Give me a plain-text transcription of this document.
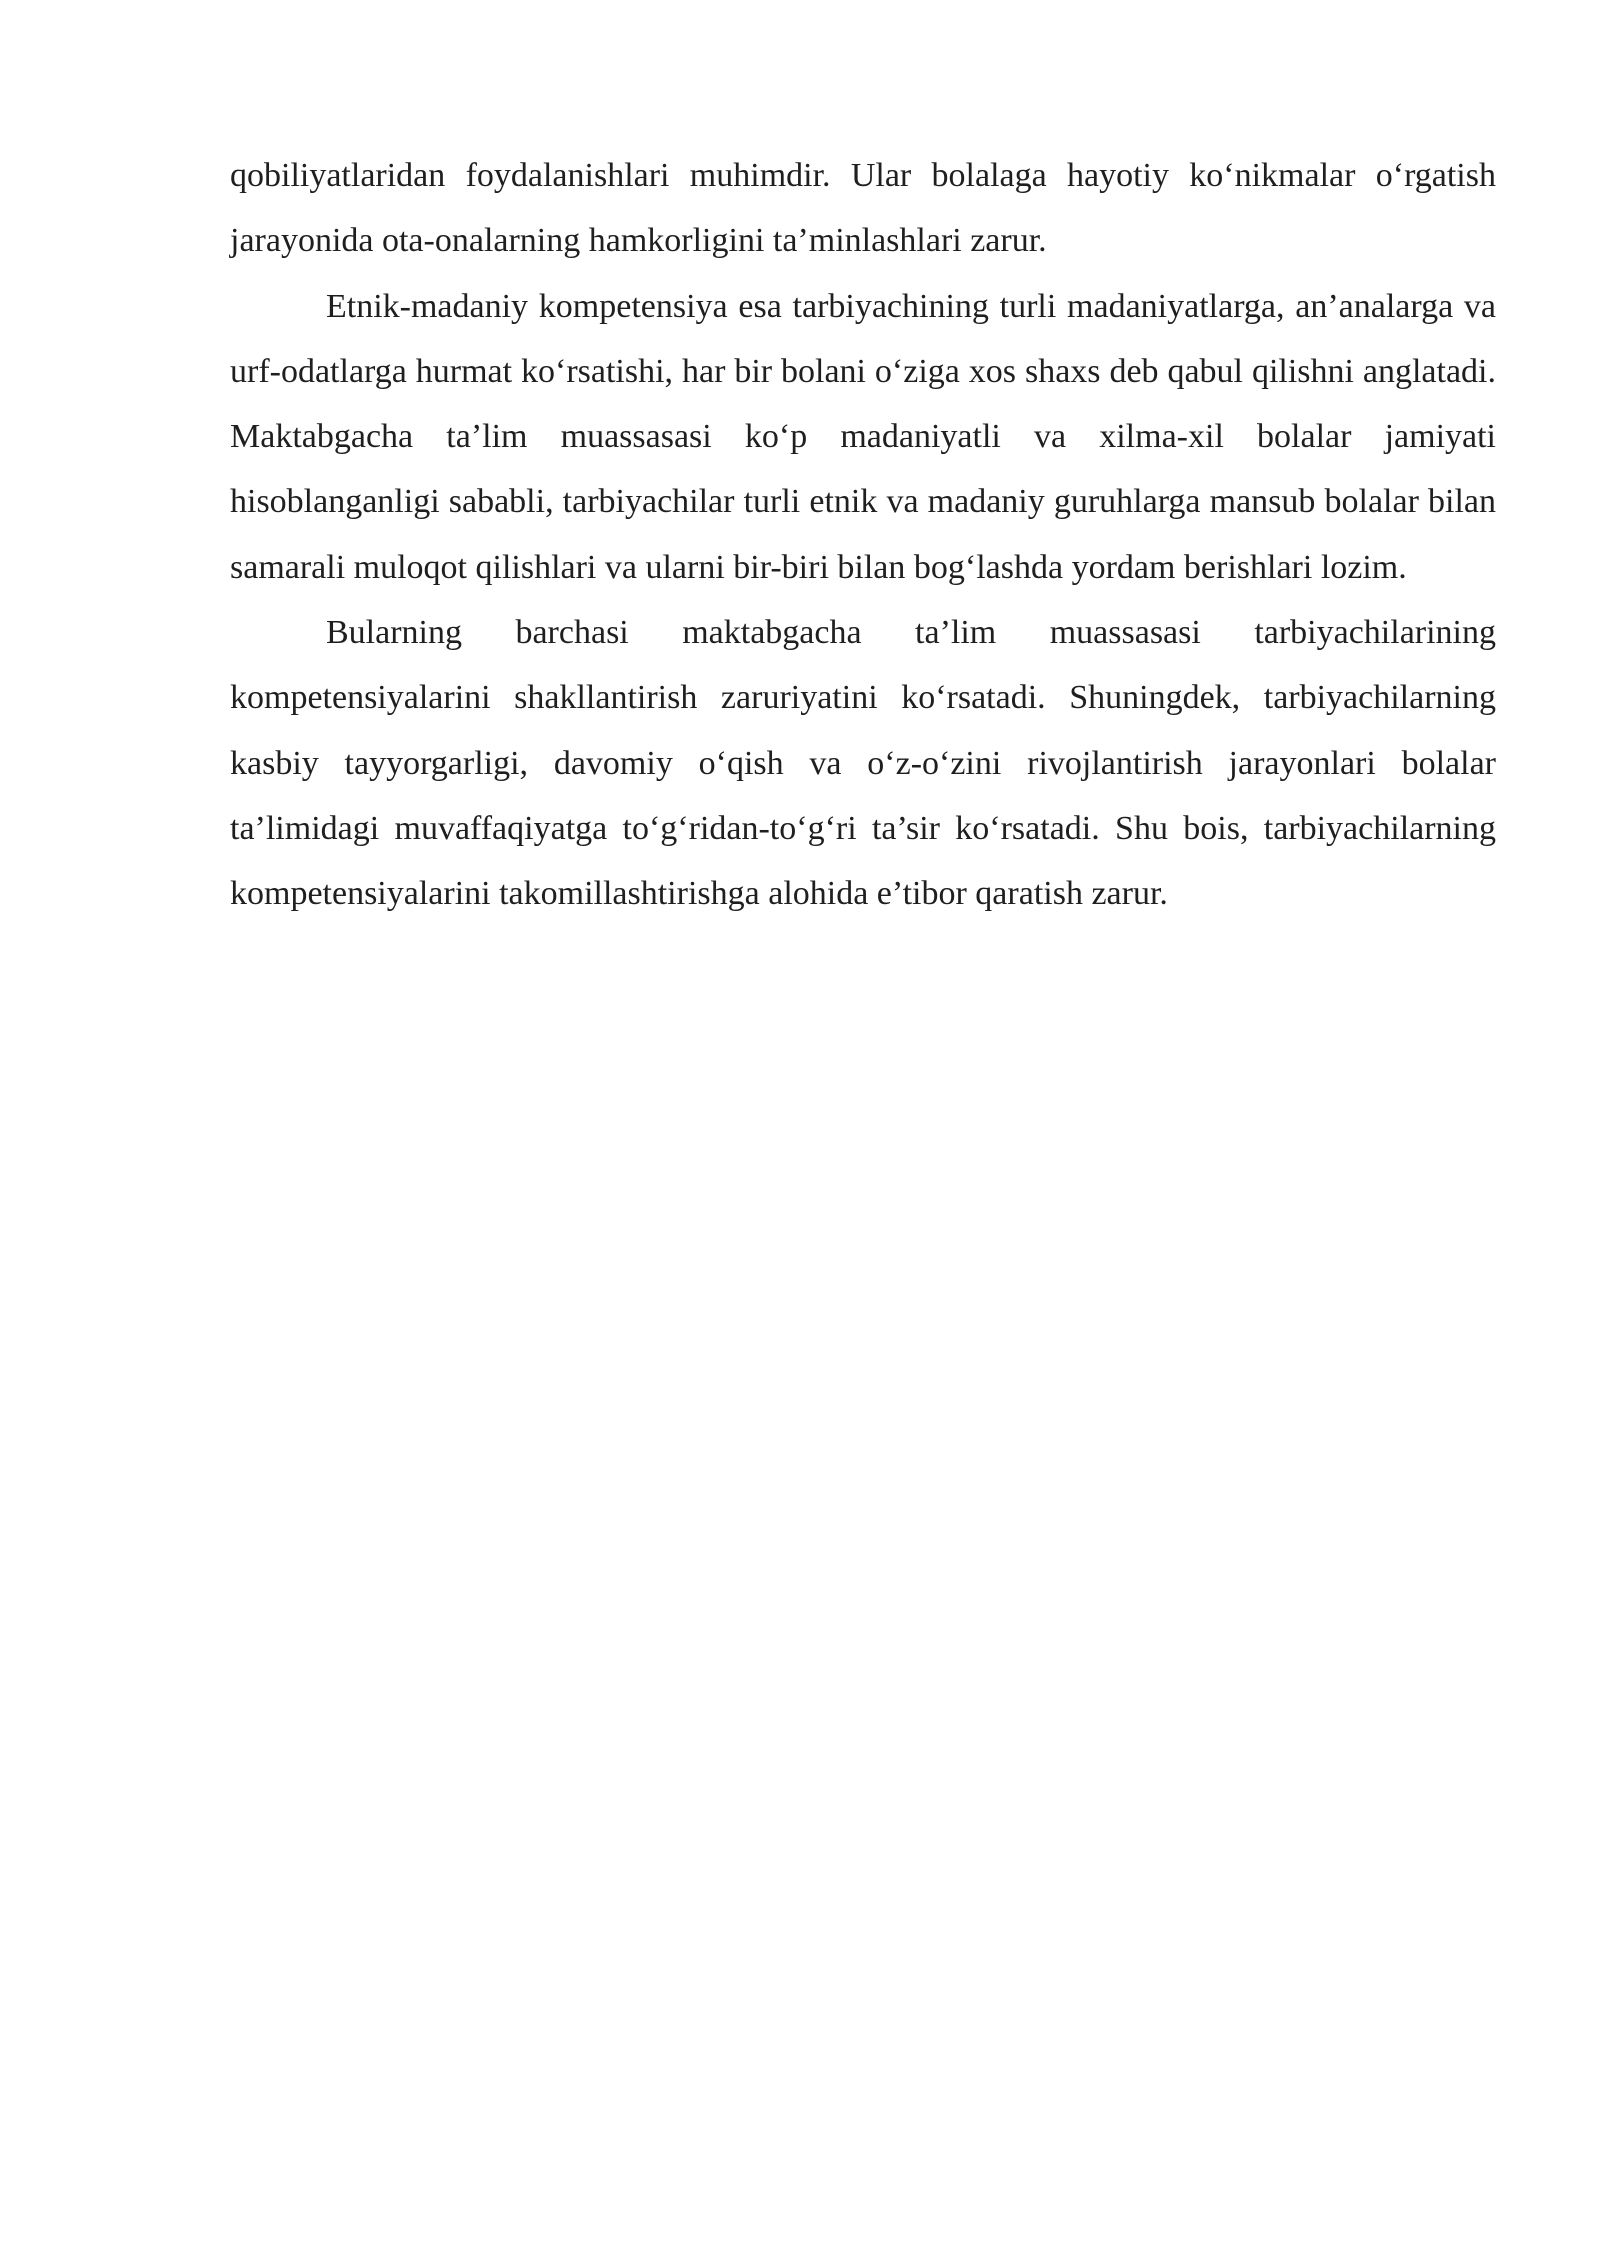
qobiliyatlaridan foydalanishlari muhimdir. Ular bolalaga hayotiy ko‘nikmalar o‘rgatish jarayonida ota-onalarning hamkorligini ta’minlashlari zarur.

Etnik-madaniy kompetensiya esa tarbiyachining turli madaniyatlarga, an’analarga va urf-odatlarga hurmat ko‘rsatishi, har bir bolani o‘ziga xos shaxs deb qabul qilishni anglatadi. Maktabgacha ta’lim muassasasi ko‘p madaniyatli va xilma-xil bolalar jamiyati hisoblanganligi sababli, tarbiyachilar turli etnik va madaniy guruhlarga mansub bolalar bilan samarali muloqot qilishlari va ularni bir-biri bilan bog‘lashda yordam berishlari lozim.

Bularning barchasi maktabgacha ta’lim muassasasi tarbiyachilarining kompetensiyalarini shakllantirish zaruriyatini ko‘rsatadi. Shuningdek, tarbiyachilarning kasbiy tayyorgarligi, davomiy o‘qish va o‘z-o‘zini rivojlantirish jarayonlari bolalar ta’limidagi muvaffaqiyatga to‘g‘ridan-to‘g‘ri ta’sir ko‘rsatadi. Shu bois, tarbiyachilarning kompetensiyalarini takomillashtirishga alohida e’tibor qaratish zarur.
